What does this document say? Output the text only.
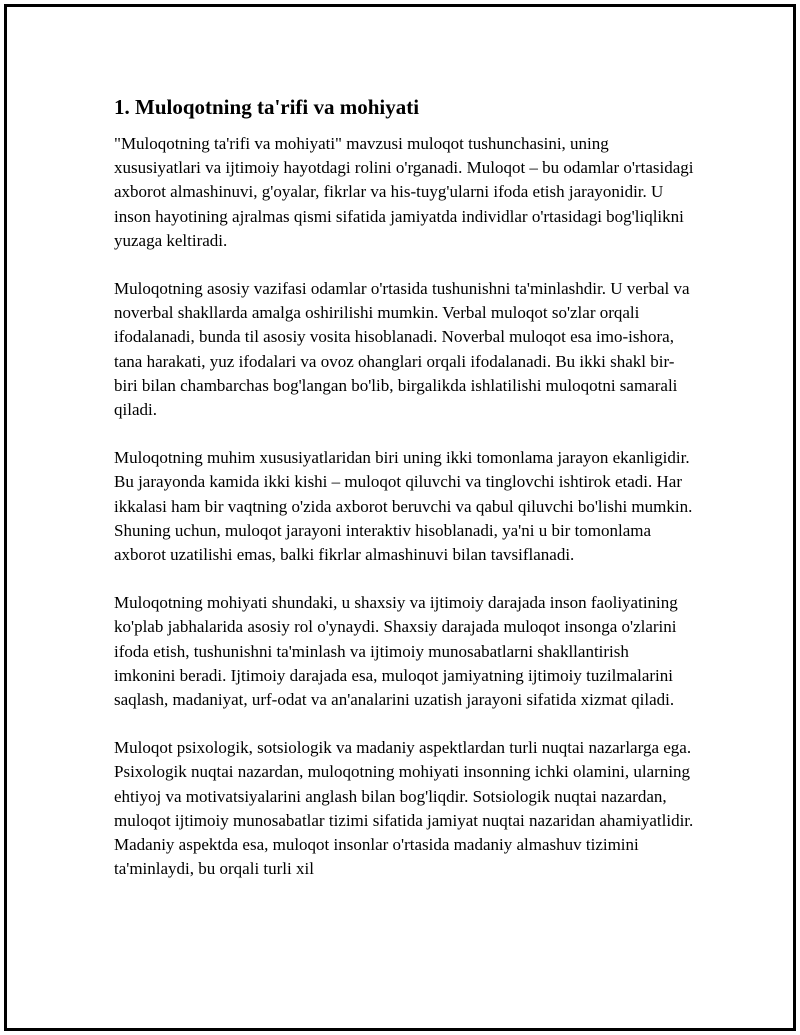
1. Muloqotning ta'rifi va mohiyati

"Muloqotning ta'rifi va mohiyati" mavzusi muloqot tushunchasini, uning xususiyatlari va ijtimoiy hayotdagi rolini o'rganadi. Muloqot – bu odamlar o'rtasidagi axborot almashinuvi, g'oyalar, fikrlar va his-tuyg'ularni ifoda etish jarayonidir. U inson hayotining ajralmas qismi sifatida jamiyatda individlar o'rtasidagi bog'liqlikni yuzaga keltiradi.

Muloqotning asosiy vazifasi odamlar o'rtasida tushunishni ta'minlashdir. U verbal va noverbal shakllarda amalga oshirilishi mumkin. Verbal muloqot so'zlar orqali ifodalanadi, bunda til asosiy vosita hisoblanadi. Noverbal muloqot esa imo-ishora, tana harakati, yuz ifodalari va ovoz ohanglari orqali ifodalanadi. Bu ikki shakl bir-biri bilan chambarchas bog'langan bo'lib, birgalikda ishlatilishi muloqotni samarali qiladi.

Muloqotning muhim xususiyatlaridan biri uning ikki tomonlama jarayon ekanligidir. Bu jarayonda kamida ikki kishi – muloqot qiluvchi va tinglovchi ishtirok etadi. Har ikkalasi ham bir vaqtning o'zida axborot beruvchi va qabul qiluvchi bo'lishi mumkin. Shuning uchun, muloqot jarayoni interaktiv hisoblanadi, ya'ni u bir tomonlama axborot uzatilishi emas, balki fikrlar almashinuvi bilan tavsiflanadi.

Muloqotning mohiyati shundaki, u shaxsiy va ijtimoiy darajada inson faoliyatining ko'plab jabhalarida asosiy rol o'ynaydi. Shaxsiy darajada muloqot insonga o'zlarini ifoda etish, tushunishni ta'minlash va ijtimoiy munosabatlarni shakllantirish imkonini beradi. Ijtimoiy darajada esa, muloqot jamiyatning ijtimoiy tuzilmalarini saqlash, madaniyat, urf-odat va an'analarini uzatish jarayoni sifatida xizmat qiladi.

Muloqot psixologik, sotsiologik va madaniy aspektlardan turli nuqtai nazarlarga ega. Psixologik nuqtai nazardan, muloqotning mohiyati insonning ichki olamini, ularning ehtiyoj va motivatsiyalarini anglash bilan bog'liqdir. Sotsiologik nuqtai nazardan, muloqot ijtimoiy munosabatlar tizimi sifatida jamiyat nuqtai nazaridan ahamiyatlidir. Madaniy aspektda esa, muloqot insonlar o'rtasida madaniy almashuv tizimini ta'minlaydi, bu orqali turli xil
